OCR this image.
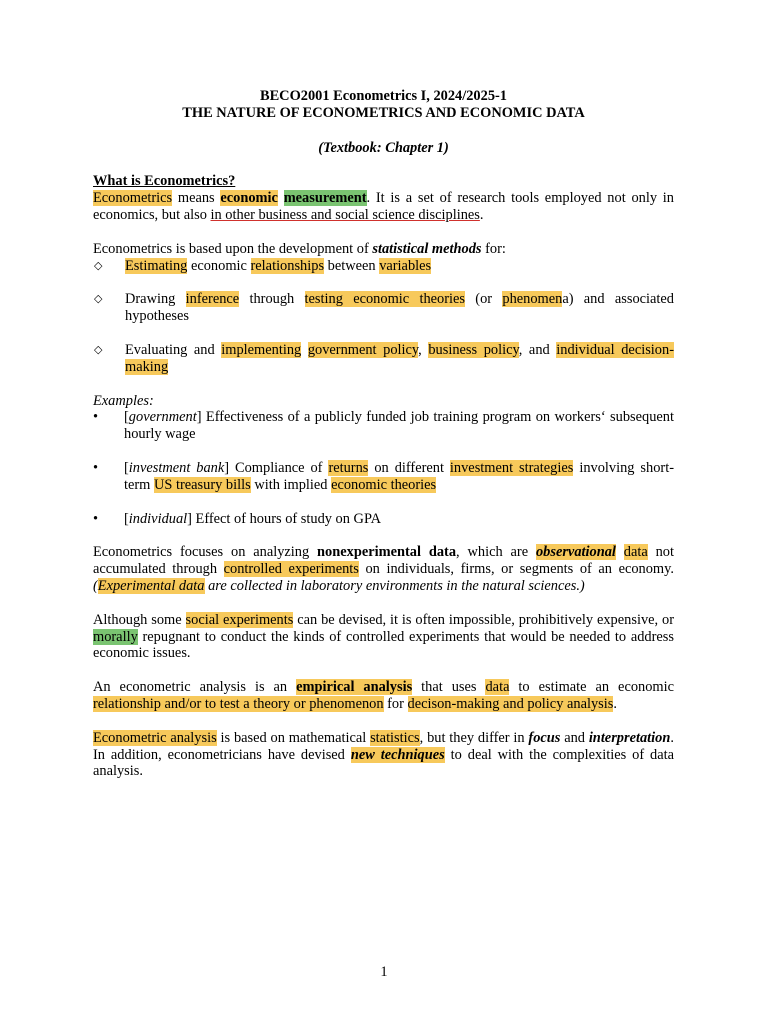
BECO2001 Econometrics I, 2024/2025-1

THE NATURE OF ECONOMETRICS AND ECONOMIC DATA

(Textbook: Chapter 1)

What is Econometrics?

Econometrics means economic measurement. It is a set of research tools employed not only in economics, but also in other business and social science disciplines.

Econometrics is based upon the development of statistical methods for:

◇	Estimating economic relationships between variables

◇	Drawing inference through testing economic theories (or phenomena) and associated hypotheses

◇	Evaluating and implementing government policy, business policy, and individual decision-making

Examples:

•	[government] Effectiveness of a publicly funded job training program on workers‘ subsequent hourly wage

•	[investment bank] Compliance of returns on different investment strategies involving short-term US treasury bills with implied economic theories

•	[individual] Effect of hours of study on GPA

Econometrics focuses on analyzing nonexperimental data, which are observational data not accumulated through controlled experiments on individuals, firms, or segments of an economy. (Experimental data are collected in laboratory environments in the natural sciences.)

Although some social experiments can be devised, it is often impossible, prohibitively expensive, or morally repugnant to conduct the kinds of controlled experiments that would be needed to address economic issues.

An econometric analysis is an empirical analysis that uses data to estimate an economic relationship and/or to test a theory or phenomenon for decison-making and policy analysis.

Econometric analysis is based on mathematical statistics, but they differ in focus and interpretation. In addition, econometricians have devised new techniques to deal with the complexities of data analysis.

1
